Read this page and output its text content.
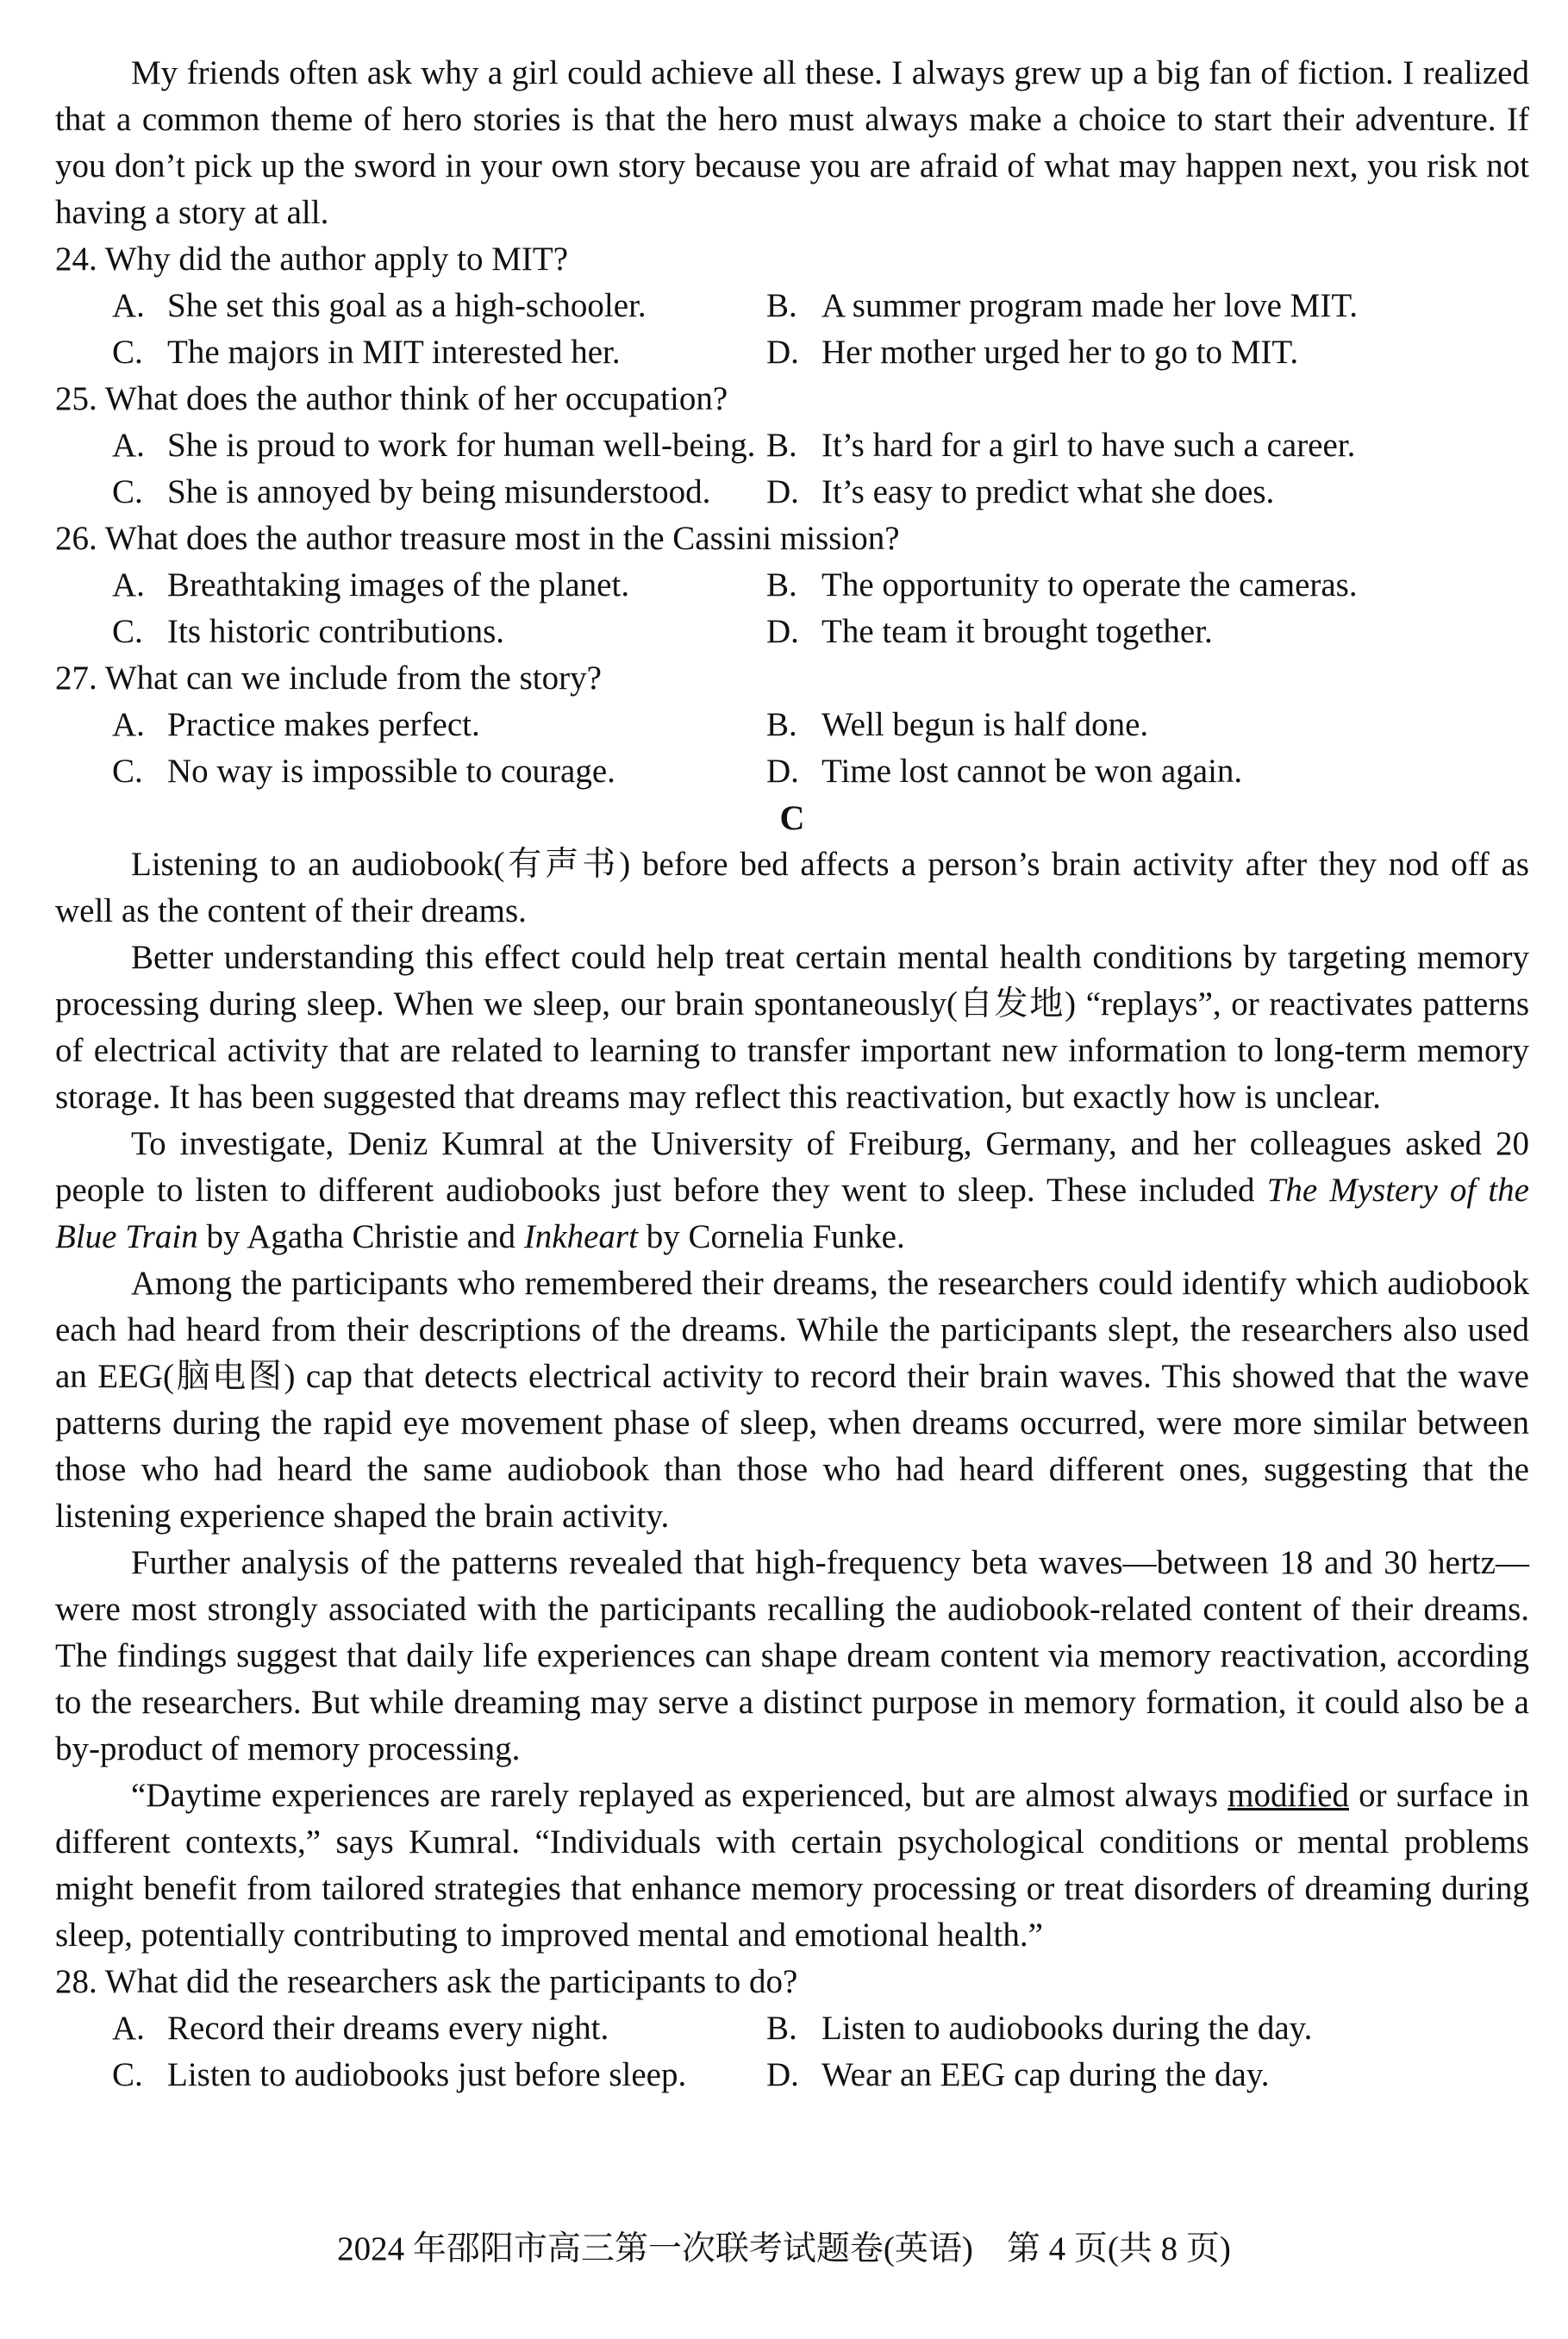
My friends often ask why a girl could achieve all these. I always grew up a big fan of fiction. I realized that a common theme of hero stories is that the hero must always make a choice to start their adventure. If you don’t pick up the sword in your own story because you are afraid of what may happen next, you risk not having a story at all.

24. Why did the author apply to MIT?

A. She set this goal as a high-schooler.	B. A summer program made her love MIT.
C. The majors in MIT interested her.	D. Her mother urged her to go to MIT.

25. What does the author think of her occupation?

A. She is proud to work for human well-being. B. It’s hard for a girl to have such a career.
C. She is annoyed by being misunderstood.	D. It’s easy to predict what she does.

26. What does the author treasure most in the Cassini mission?

A. Breathtaking images of the planet.	B. The opportunity to operate the cameras.
C. Its historic contributions.	D. The team it brought together.

27. What can we include from the story?

A. Practice makes perfect.	B. Well begun is half done.
C. No way is impossible to courage.	D. Time lost cannot be won again.

C

Listening to an audiobook(有声书) before bed affects a person’s brain activity after they nod off as well as the content of their dreams.

Better understanding this effect could help treat certain mental health conditions by targeting memory processing during sleep. When we sleep, our brain spontaneously(自发地) “replays”, or reactivates patterns of electrical activity that are related to learning to transfer important new information to long-term memory storage. It has been suggested that dreams may reflect this reactivation, but exactly how is unclear.

To investigate, Deniz Kumral at the University of Freiburg, Germany, and her colleagues asked 20 people to listen to different audiobooks just before they went to sleep. These included The Mystery of the Blue Train by Agatha Christie and Inkheart by Cornelia Funke.

Among the participants who remembered their dreams, the researchers could identify which audiobook each had heard from their descriptions of the dreams. While the participants slept, the researchers also used an EEG(脑电图) cap that detects electrical activity to record their brain waves. This showed that the wave patterns during the rapid eye movement phase of sleep, when dreams occurred, were more similar between those who had heard the same audiobook than those who had heard different ones, suggesting that the listening experience shaped the brain activity.

Further analysis of the patterns revealed that high-frequency beta waves—between 18 and 30 hertz—were most strongly associated with the participants recalling the audiobook-related content of their dreams. The findings suggest that daily life experiences can shape dream content via memory reactivation, according to the researchers. But while dreaming may serve a distinct purpose in memory formation, it could also be a by-product of memory processing.

“Daytime experiences are rarely replayed as experienced, but are almost always modified or surface in different contexts,” says Kumral. “Individuals with certain psychological conditions or mental problems might benefit from tailored strategies that enhance memory processing or treat disorders of dreaming during sleep, potentially contributing to improved mental and emotional health.”

28. What did the researchers ask the participants to do?

A. Record their dreams every night.	B. Listen to audiobooks during the day.
C. Listen to audiobooks just before sleep.	D. Wear an EEG cap during the day.
2024 年邵阳市高三第一次联考试题卷(英语)　第 4 页(共 8 页)
